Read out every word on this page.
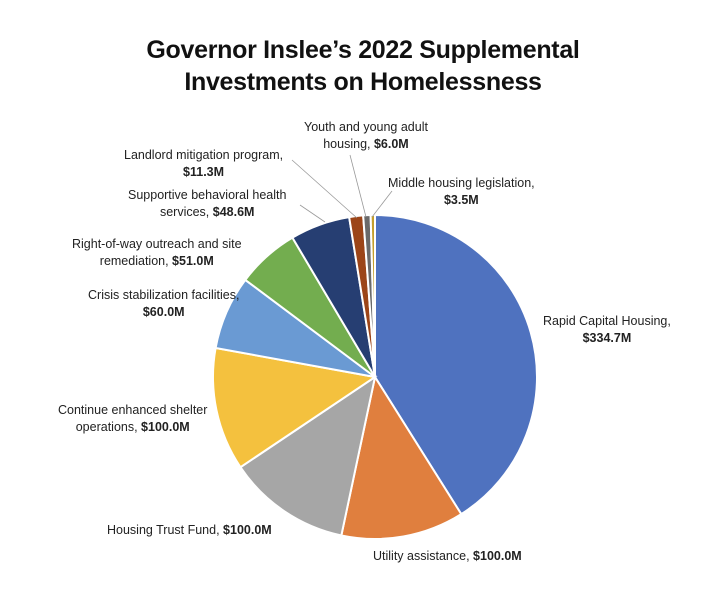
Governor Inslee’s 2022 Supplemental
Investments on Homelessness
Rapid Capital Housing,
$334.7M
Utility assistance, $100.0M
Housing Trust Fund, $100.0M
Continue enhanced shelter
operations, $100.0M
Crisis stabilization facilities,
$60.0M
Right-of-way outreach and site
remediation, $51.0M
Supportive behavioral health
services, $48.6M
Landlord mitigation program,
$11.3M
Youth and young adult
housing, $6.0M
Middle housing legislation,
$3.5M
